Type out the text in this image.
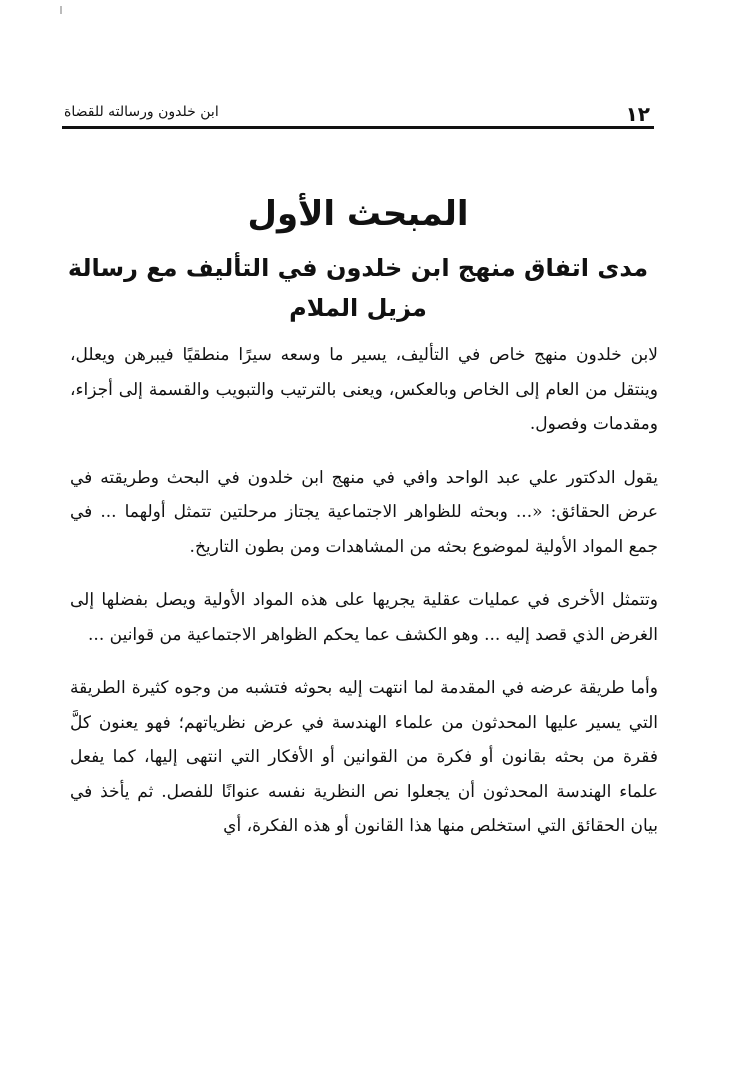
١٢
ابن خلدون ورسالته للقضاة
المبحث الأول
مدى اتفاق منهج ابن خلدون في التأليف مع رسالة مزيل الملام

لابن خلدون منهج خاص في التأليف، يسير ما وسعه سيرًا منطقيًا فيبرهن ويعلل، وينتقل من العام إلى الخاص وبالعكس، ويعنى بالترتيب والتبويب والقسمة إلى أجزاء، ومقدمات وفصول.

يقول الدكتور علي عبد الواحد وافي في منهج ابن خلدون في البحث وطريقته في عرض الحقائق: «... وبحثه للظواهر الاجتماعية يجتاز مرحلتين تتمثل أولهما ... في جمع المواد الأولية لموضوع بحثه من المشاهدات ومن بطون التاريخ.

وتتمثل الأخرى في عمليات عقلية يجريها على هذه المواد الأولية ويصل بفضلها إلى الغرض الذي قصد إليه ... وهو الكشف عما يحكم الظواهر الاجتماعية من قوانين ...

وأما طريقة عرضه في المقدمة لما انتهت إليه بحوثه فتشبه من وجوه كثيرة الطريقة التي يسير عليها المحدثون من علماء الهندسة في عرض نظرياتهم؛ فهو يعنون كلَّ فقرة من بحثه بقانون أو فكرة من القوانين أو الأفكار التي انتهى إليها، كما يفعل علماء الهندسة المحدثون أن يجعلوا نص النظرية نفسه عنوانًا للفصل. ثم يأخذ في بيان الحقائق التي استخلص منها هذا القانون أو هذه الفكرة، أي
